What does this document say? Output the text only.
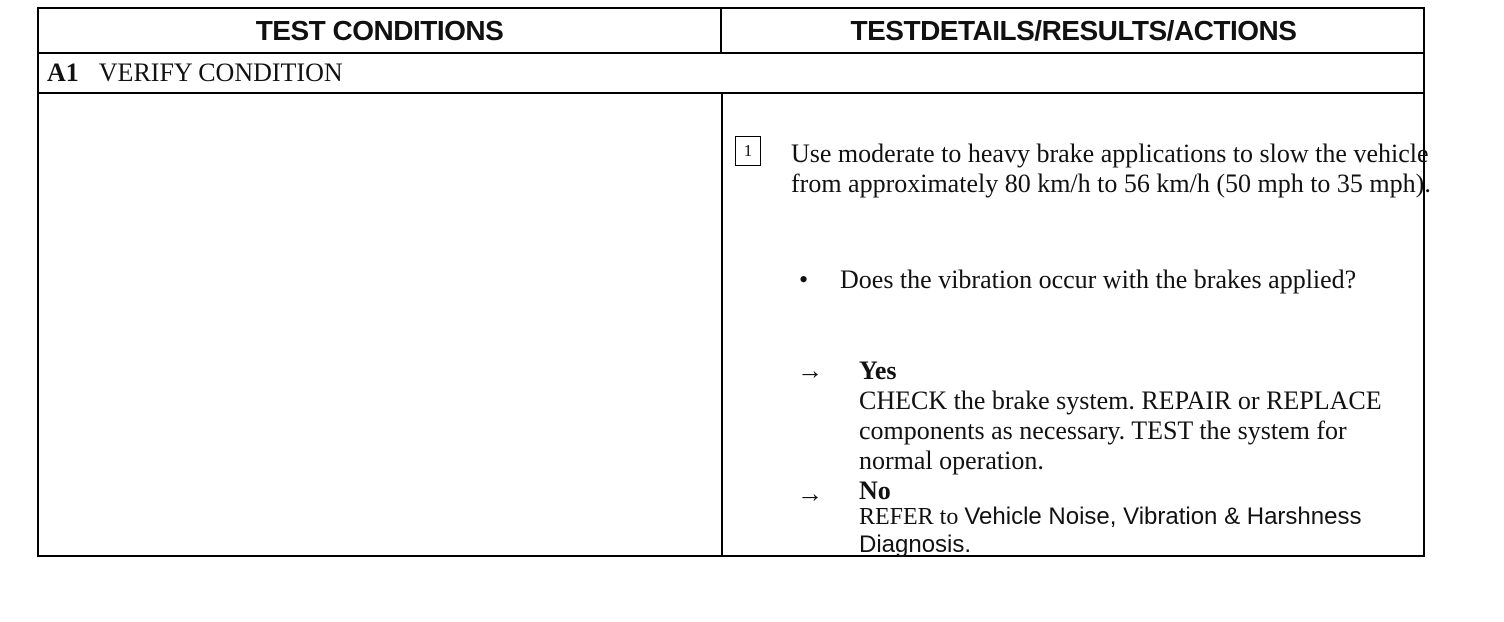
TEST CONDITIONS	TESTDETAILS/RESULTS/ACTIONS
A1 VERIFY CONDITION
1	Use moderate to heavy brake applications to slow the vehicle from approximately 80 km/h to 56 km/h (50 mph to 35 mph).
• Does the vibration occur with the brakes applied?
→ Yes
CHECK the brake system. REPAIR or REPLACE components as necessary. TEST the system for normal operation.
→ No
REFER to Vehicle Noise, Vibration & Harshness Diagnosis.
